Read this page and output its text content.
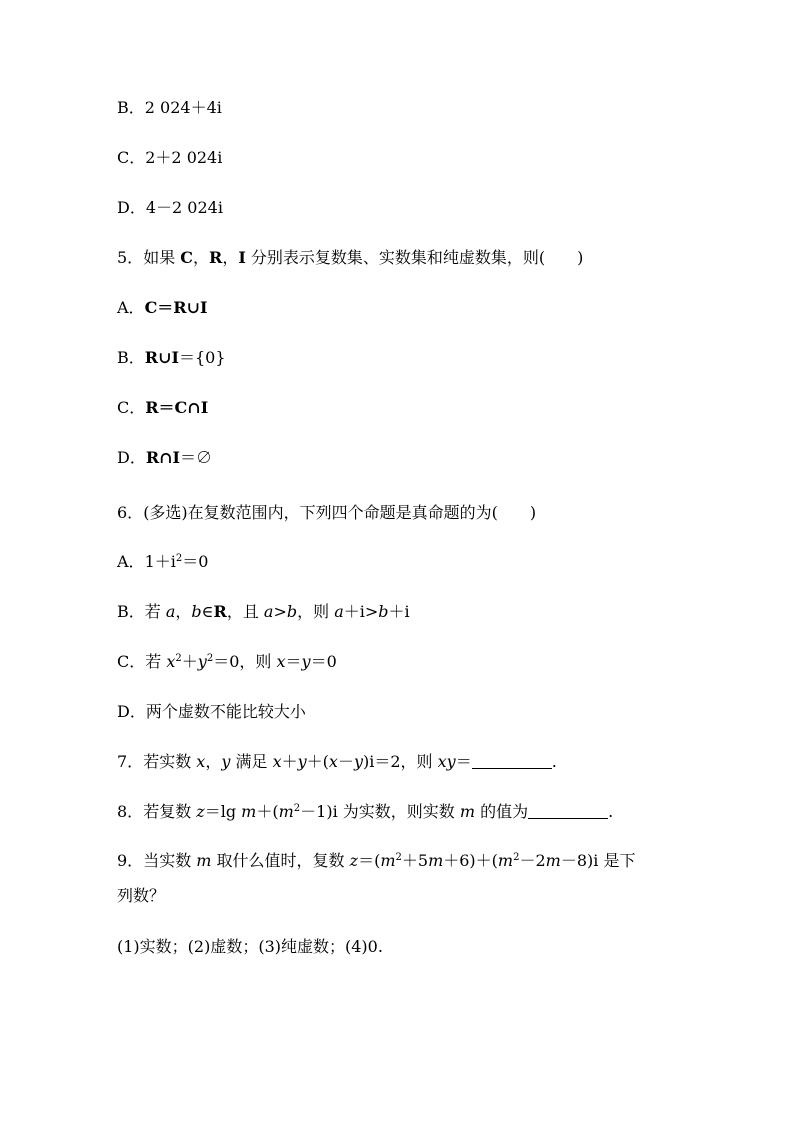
B．2 024＋4i
C．2＋2 024i
D．4－2 024i
5．如果 C，R，I 分别表示复数集、实数集和纯虚数集，则(　　)
A．C＝R∪I
B．R∪I＝{0}
C．R＝C∩I
D．R∩I＝∅
6．(多选)在复数范围内，下列四个命题是真命题的为(　　)
A．$1+i^2=0$
B．若 a，b∈R，且 a>b，则 a＋i>b＋i
C．若 $x^2+y^2=0$，则 x＝y＝0
D．两个虚数不能比较大小
7．若实数 x，y 满足 x＋y＋(x－y)i＝2，则 xy＝	.
8．若复数 z＝lg $m+(m^2-1)i$ 为实数，则实数 m 的值为	.
9．当实数 m 取什么值时，复数 $z=(m^2+5m+6)+(m^2-2m-8)i$ 是下
列数？
(1)实数；(2)虚数；(3)纯虚数；(4)0.
